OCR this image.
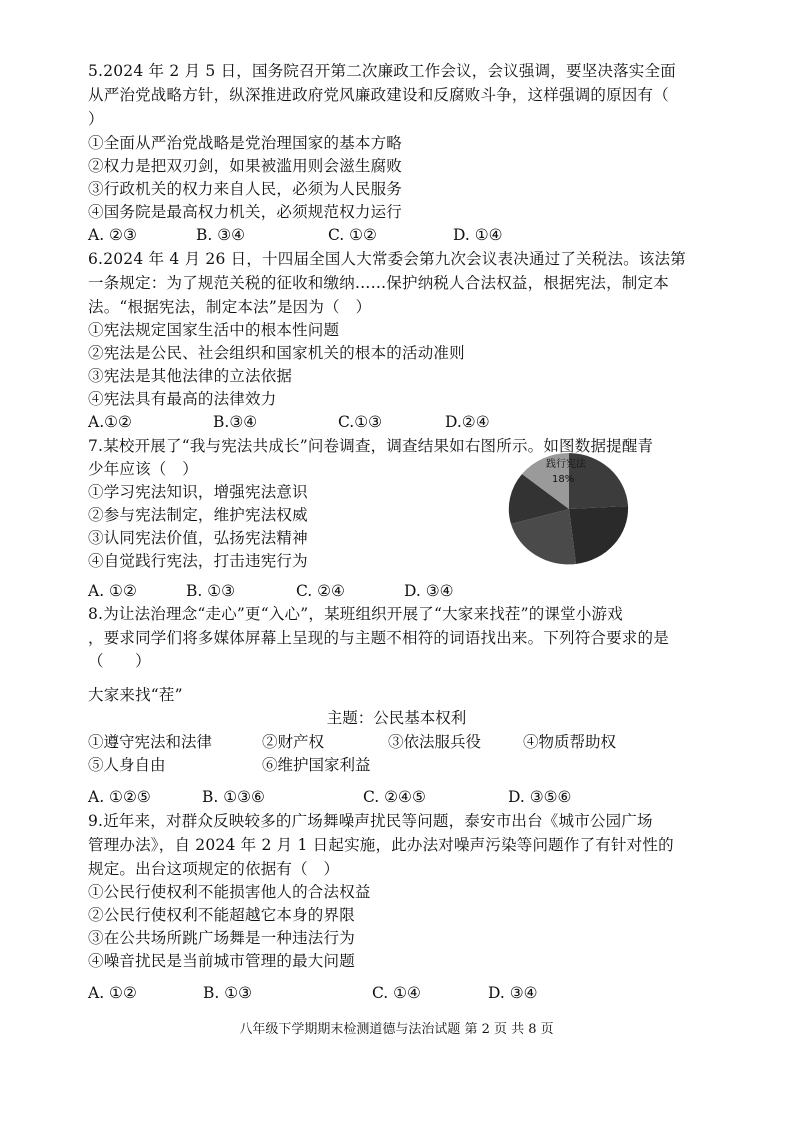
5.2024 年 2 月 5 日，国务院召开第二次廉政工作会议，会议强调，要坚决落实全面
从严治党战略方针，纵深推进政府党风廉政建设和反腐败斗争，这样强调的原因有（
）
①全面从严治党战略是党治理国家的基本方略
②权力是把双刃剑，如果被滥用则会滋生腐败
③行政机关的权力来自人民，必须为人民服务
④国务院是最高权力机关，必须规范权力运行
A. ②③	B. ③④	C. ①②	D. ①④
6.2024 年 4 月 26 日，十四届全国人大常委会第九次会议表决通过了关税法。该法第
一条规定：为了规范关税的征收和缴纳……保护纳税人合法权益，根据宪法，制定本
法。“根据宪法，制定本法”是因为（　）
①宪法规定国家生活中的根本性问题
②宪法是公民、社会组织和国家机关的根本的活动准则
③宪法是其他法律的立法依据
④宪法具有最高的法律效力
A.①②	B.③④	C.①③	D.②④
7.某校开展了“我与宪法共成长”问卷调查，调查结果如右图所示。如图数据提醒青
少年应该（　）
①学习宪法知识，增强宪法意识
②参与宪法制定，维护宪法权威
③认同宪法价值，弘扬宪法精神
④自觉践行宪法，打击违宪行为
践行宪法
18%
A. ①②	B. ①③	C. ②④	D. ③④
8.为让法治理念“走心”更“入心”，某班组织开展了“大家来找茬”的课堂小游戏
，要求同学们将多媒体屏幕上呈现的与主题不相符的词语找出来。下列符合要求的是
（　　）
大家来找“茬”
主题：公民基本权利
①遵守宪法和法律	②财产权	③依法服兵役	④物质帮助权
⑤人身自由	⑥维护国家利益
A. ①②⑤	B. ①③⑥	C. ②④⑤	D. ③⑤⑥
9.近年来，对群众反映较多的广场舞噪声扰民等问题，泰安市出台《城市公园广场
管理办法》，自 2024 年 2 月 1 日起实施，此办法对噪声污染等问题作了有针对性的
规定。出台这项规定的依据有（　）
①公民行使权利不能损害他人的合法权益
②公民行使权利不能超越它本身的界限
③在公共场所跳广场舞是一种违法行为
④噪音扰民是当前城市管理的最大问题
A. ①②	B. ①③	C. ①④	D. ③④
八年级下学期期末检测道德与法治试题 第 2 页 共 8 页
